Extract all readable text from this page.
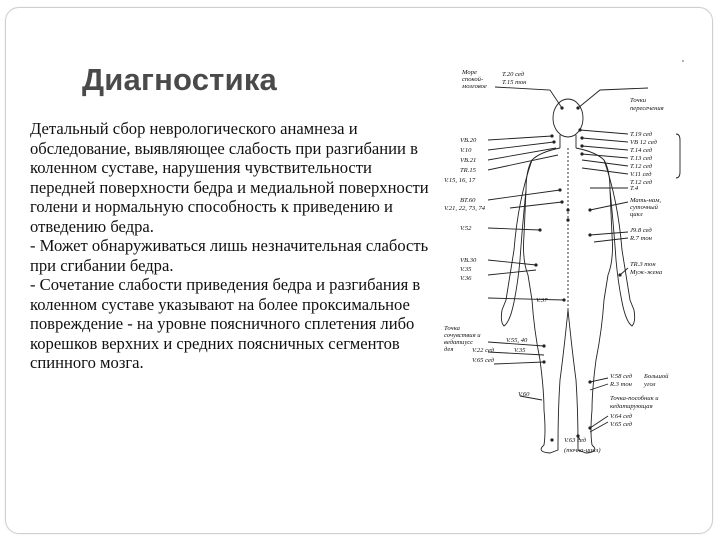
Диагностика

Детальный сбор неврологического анамнеза и обследование, выявляющее слабость при разгибании в коленном суставе, нарушения чувствительности передней поверхности бедра и медиальной поверхности голени и нормальную способность к приведению и отведению бедра.
- Может обнаруживаться лишь незначительная слабость при сгибании бедра.
- Сочетание слабости приведения бедра и разгибания в коленном суставе указывают на более проксимальное повреждение - на уровне поясничного сплетения либо корешков верхних и средних поясничных сегментов спинного мозга.

Море
спокой-
мозговое
VB.20
V.10
VB.21
TR.15
V.15, 16, 17
BT.60
V.21, 22, 73, 74
V.52
VB.30
V.35
V.36
V.37
Точка
сочувствия и
ведатиусс
дея
V.55, 40
V.22 сед	V.35
V.65 сед
V.60
T.20 сед
T.15 тон
Точки
пересечения
T.19 сед
VB 12 сед
T.14 сед
T.13 сед
T.12 сед
V.11 сед
T.12 сед
T.4
Мать-нам,
суточный
цикл
J9.8 сед
R.7 тон
TR.3 тон
Муж-жена
V.58 сед
R.3 тон
Большой
угол
Точка-пособник и
кедатирующая
V.64 сед
V.65 сед
V.63 сед
(точка-цикл)
